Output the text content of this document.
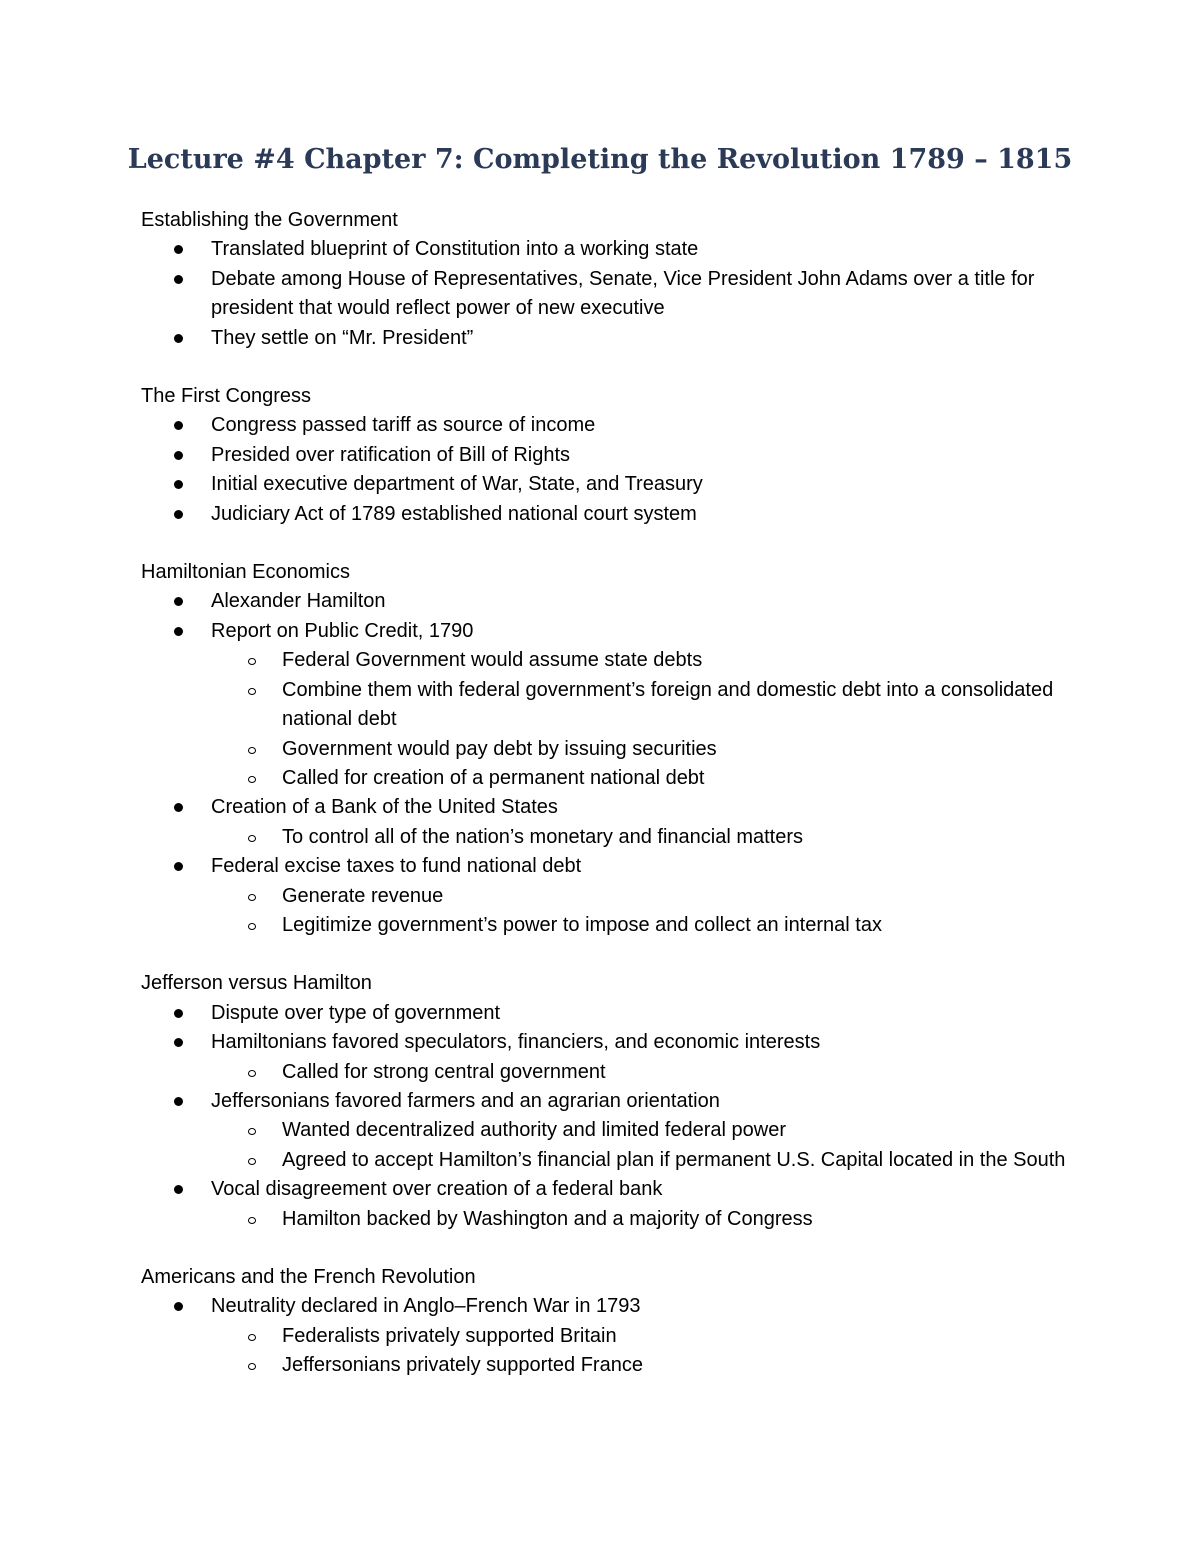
Lecture #4 Chapter 7: Completing the Revolution 1789 – 1815
Establishing the Government
Translated blueprint of Constitution into a working state
Debate among House of Representatives, Senate, Vice President John Adams over a title for president that would reflect power of new executive
They settle on “Mr. President”
The First Congress
Congress passed tariff as source of income
Presided over ratification of Bill of Rights
Initial executive department of War, State, and Treasury
Judiciary Act of 1789 established national court system
Hamiltonian Economics
Alexander Hamilton
Report on Public Credit, 1790
Federal Government would assume state debts
Combine them with federal government’s foreign and domestic debt into a consolidated national debt
Government would pay debt by issuing securities
Called for creation of a permanent national debt
Creation of a Bank of the United States
To control all of the nation’s monetary and financial matters
Federal excise taxes to fund national debt
Generate revenue
Legitimize government’s power to impose and collect an internal tax
Jefferson versus Hamilton
Dispute over type of government
Hamiltonians favored speculators, financiers, and economic interests
Called for strong central government
Jeffersonians favored farmers and an agrarian orientation
Wanted decentralized authority and limited federal power
Agreed to accept Hamilton’s financial plan if permanent U.S. Capital located in the South
Vocal disagreement over creation of a federal bank
Hamilton backed by Washington and a majority of Congress
Americans and the French Revolution
Neutrality declared in Anglo–French War in 1793
Federalists privately supported Britain
Jeffersonians privately supported France
